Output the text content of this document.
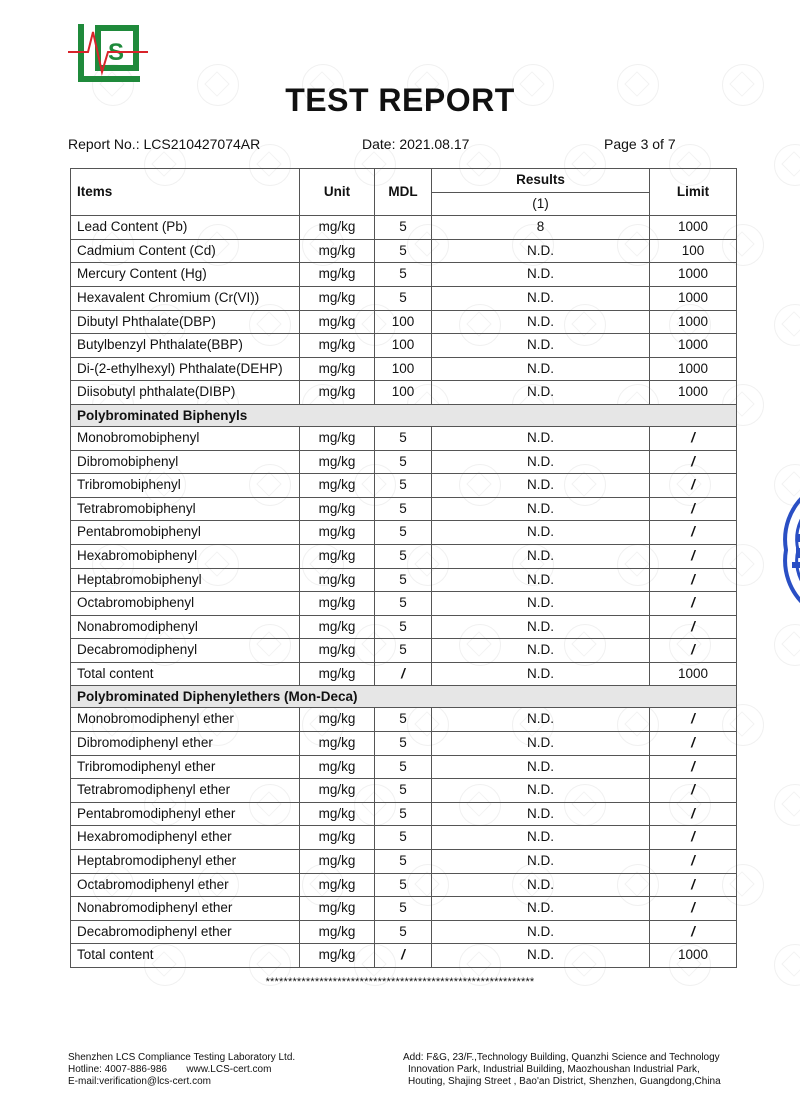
S
TEST REPORT
Report No.: LCS210427074AR	Date: 2021.08.17	Page 3 of 7
Items	Unit	MDL	Results	Limit
			(1)	
Lead Content (Pb)	mg/kg	5	8	1000
Cadmium Content (Cd)	mg/kg	5	N.D.	100
Mercury Content (Hg)	mg/kg	5	N.D.	1000
Hexavalent Chromium (Cr(VI))	mg/kg	5	N.D.	1000
Dibutyl Phthalate(DBP)	mg/kg	100	N.D.	1000
Butylbenzyl Phthalate(BBP)	mg/kg	100	N.D.	1000
Di-(2-ethylhexyl) Phthalate(DEHP)	mg/kg	100	N.D.	1000
Diisobutyl phthalate(DIBP)	mg/kg	100	N.D.	1000
Polybrominated Biphenyls				
Monobromobiphenyl	mg/kg	5	N.D.	/
Dibromobiphenyl	mg/kg	5	N.D.	/
Tribromobiphenyl	mg/kg	5	N.D.	/
Tetrabromobiphenyl	mg/kg	5	N.D.	/
Pentabromobiphenyl	mg/kg	5	N.D.	/
Hexabromobiphenyl	mg/kg	5	N.D.	/
Heptabromobiphenyl	mg/kg	5	N.D.	/
Octabromobiphenyl	mg/kg	5	N.D.	/
Nonabromodiphenyl	mg/kg	5	N.D.	/
Decabromodiphenyl	mg/kg	5	N.D.	/
Total content	mg/kg	/	N.D.	1000
Polybrominated Diphenylethers (Mon-Deca)				
Monobromodiphenyl ether	mg/kg	5	N.D.	/
Dibromodiphenyl ether	mg/kg	5	N.D.	/
Tribromodiphenyl ether	mg/kg	5	N.D.	/
Tetrabromodiphenyl ether	mg/kg	5	N.D.	/
Pentabromodiphenyl ether	mg/kg	5	N.D.	/
Hexabromodiphenyl ether	mg/kg	5	N.D.	/
Heptabromodiphenyl ether	mg/kg	5	N.D.	/
Octabromodiphenyl ether	mg/kg	5	N.D.	/
Nonabromodiphenyl ether	mg/kg	5	N.D.	/
Decabromodiphenyl ether	mg/kg	5	N.D.	/
Total content	mg/kg	/	N.D.	1000
************************************************************
Shenzhen LCS Compliance Testing Laboratory Ltd.
Hotline: 4007-886-986       www.LCS-cert.com
E-mail:verification@lcs-cert.com
Add: F&G, 23/F.,Technology Building, Quanzhi Science and Technology
Innovation Park, Industrial Building, Maozhoushan Industrial Park,
Houting, Shajing Street , Bao'an District, Shenzhen, Guangdong,China
